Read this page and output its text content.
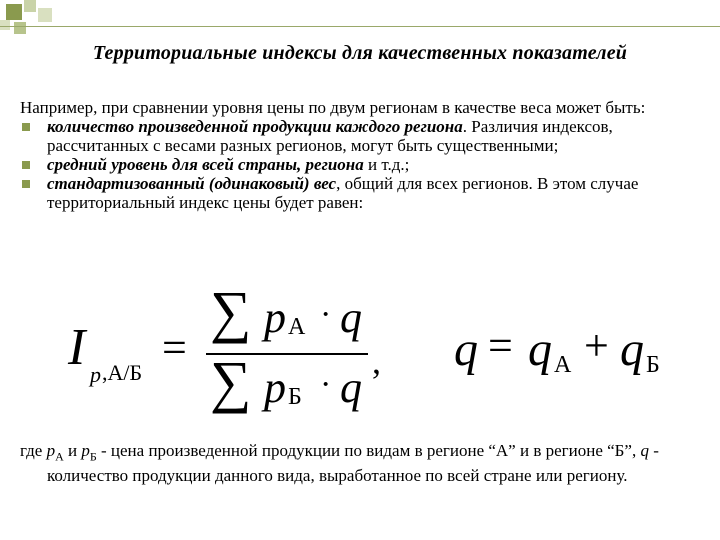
Территориальные индексы для качественных показателей

Например, при сравнении уровня цены по двум регионам в качестве веса может быть:

количество произведенной продукции каждого региона. Различия индексов, рассчитанных с весами разных регионов, могут быть существенными;

средний уровень для всей страны, региона и т.д.;

стандартизованный (одинаковый) вес, общий для всех регионов. В этом случае территориальный индекс цены будет равен:

I p ,А/Б
=
∑ p А · q
∑ p Б · q
, q = q А + q Б

где $p_A$ и $p_Б$ - цена произведенной продукции по видам в регионе “А” и в регионе “Б”, q - количество продукции данного вида, выработанное по всей стране или региону.
